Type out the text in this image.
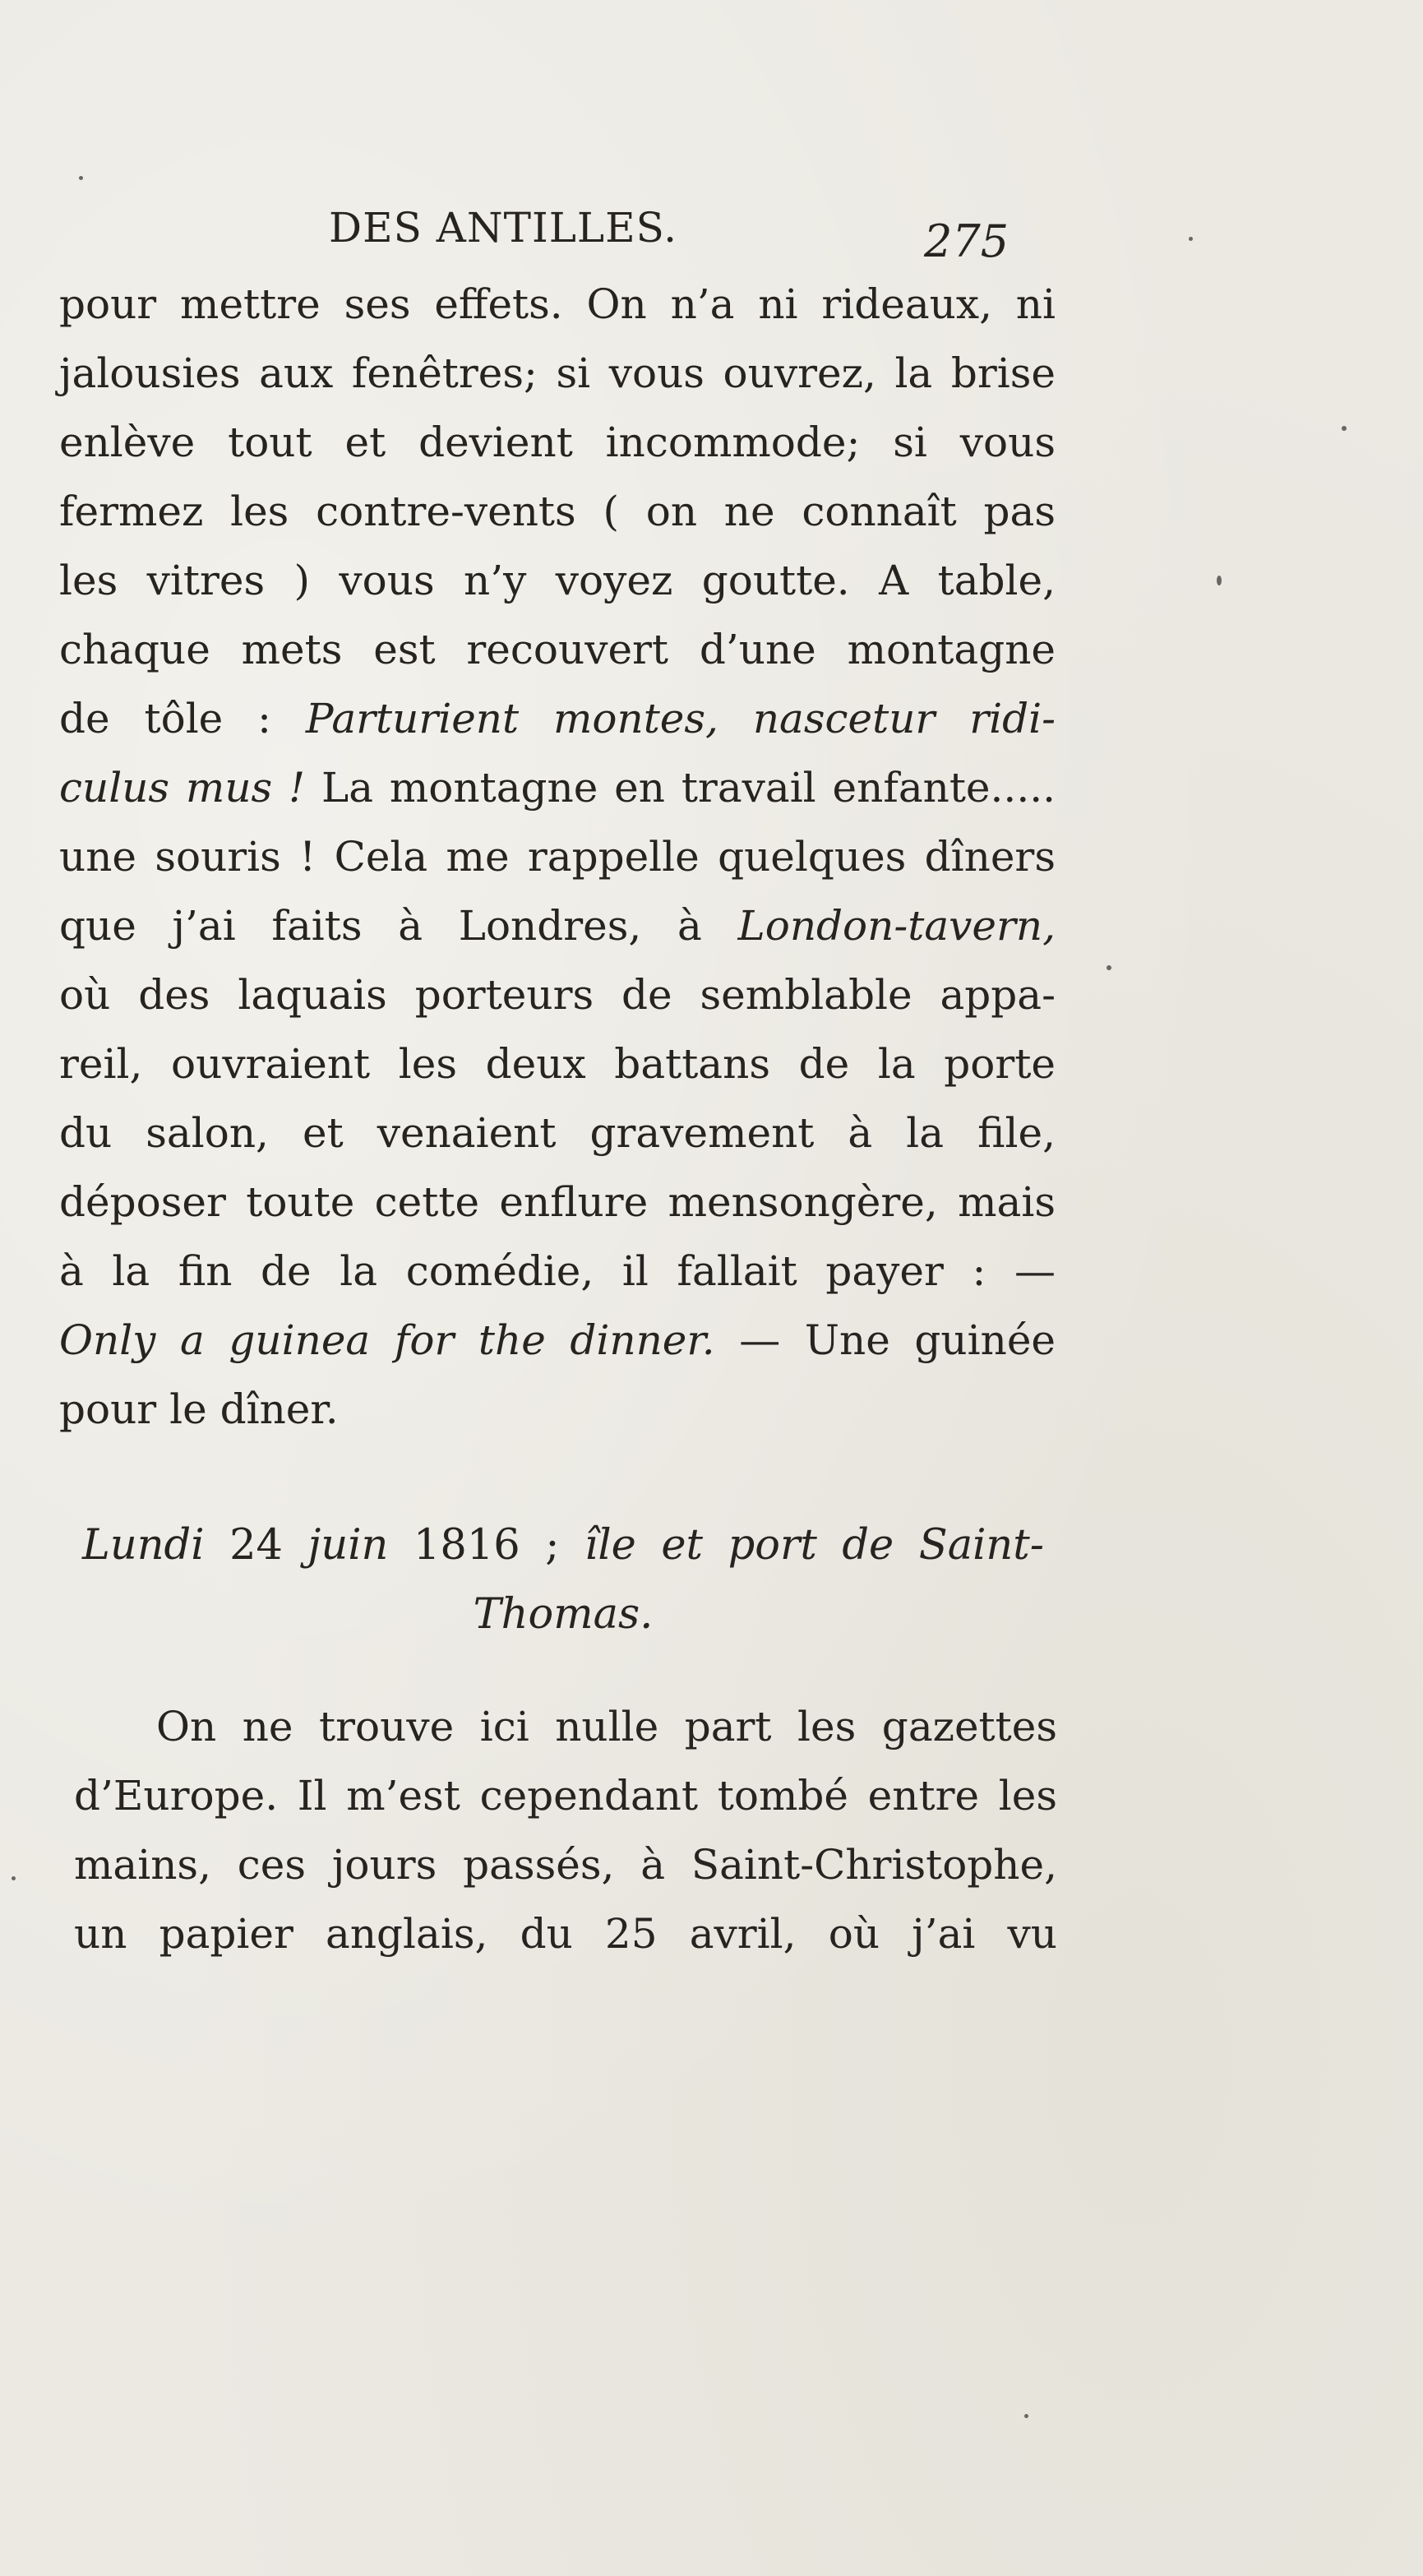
DES ANTILLES.	275
pour mettre ses effets. On n’a ni rideaux, ni
jalousies aux fenêtres; si vous ouvrez, la brise
enlève tout et devient incommode; si vous
fermez les contre-vents ( on ne connaît pas
les vitres ) vous n’y voyez goutte. A table,
chaque mets est recouvert d’une montagne
de tôle : Parturient montes, nascetur ridi-
culus mus ! La montagne en travail enfante.....
une souris ! Cela me rappelle quelques dîners
que j’ai faits à Londres, à London-tavern,
où des laquais porteurs de semblable appa-
reil, ouvraient les deux battans de la porte
du salon, et venaient gravement à la file,
déposer toute cette enflure mensongère, mais
à la fin de la comédie, il fallait payer : —
Only a guinea for the dinner. — Une guinée
pour le dîner.
Lundi 24 juin 1816 ; île et port de Saint-
Thomas.
On ne trouve ici nulle part les gazettes
d’Europe. Il m’est cependant tombé entre les
mains, ces jours passés, à Saint-Christophe,
un papier anglais, du 25 avril, où j’ai vu
